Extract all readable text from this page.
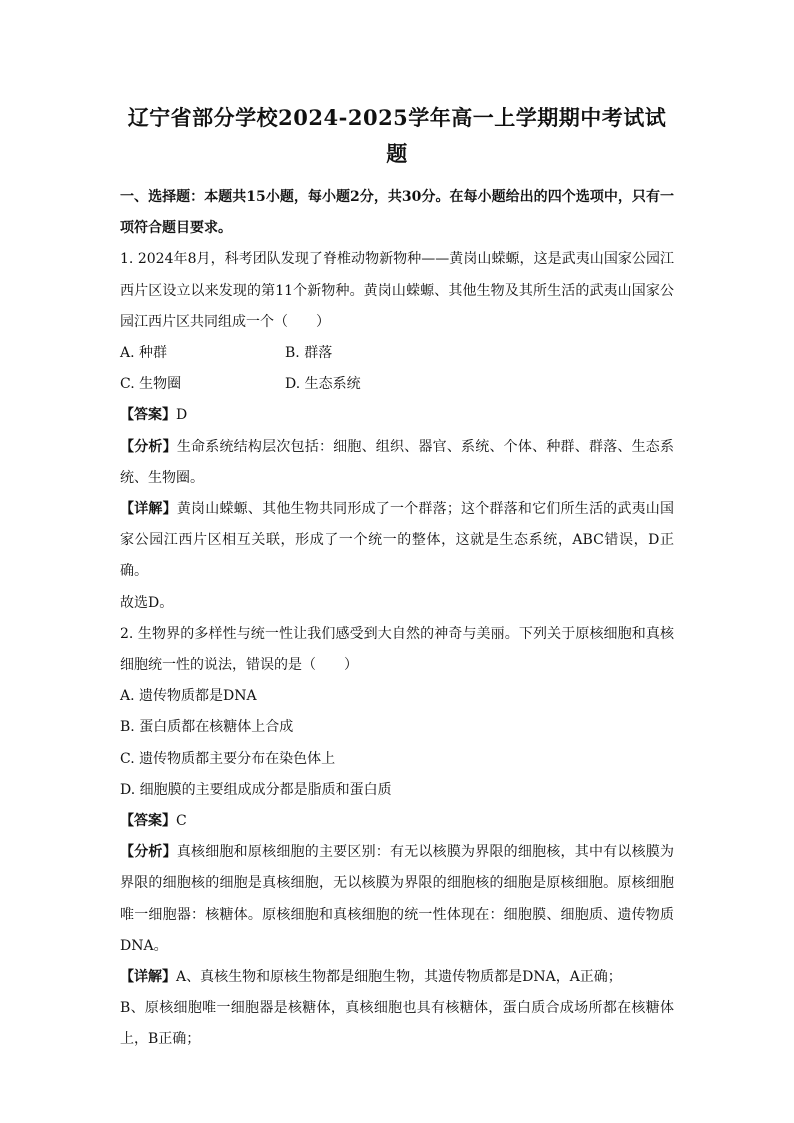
辽宁省部分学校2024-2025学年高一上学期期中考试试题

一、选择题：本题共15小题，每小题2分，共30分。在每小题给出的四个选项中，只有一项符合题目要求。

1. 2024年8月，科考团队发现了脊椎动物新物种——黄岗山蝾螈，这是武夷山国家公园江西片区设立以来发现的第11个新物种。黄岗山蝾螈、其他生物及其所生活的武夷山国家公园江西片区共同组成一个（　　）

A. 种群	B. 群落
C. 生物圈	D. 生态系统

【答案】D

【分析】生命系统结构层次包括：细胞、组织、器官、系统、个体、种群、群落、生态系统、生物圈。

【详解】黄岗山蝾螈、其他生物共同形成了一个群落；这个群落和它们所生活的武夷山国家公园江西片区相互关联，形成了一个统一的整体，这就是生态系统，ABC错误，D正确。

故选D。

2. 生物界的多样性与统一性让我们感受到大自然的神奇与美丽。下列关于原核细胞和真核细胞统一性的说法，错误的是（　　）

A. 遗传物质都是DNA

B. 蛋白质都在核糖体上合成

C. 遗传物质都主要分布在染色体上

D. 细胞膜的主要组成成分都是脂质和蛋白质

【答案】C

【分析】真核细胞和原核细胞的主要区别：有无以核膜为界限的细胞核，其中有以核膜为界限的细胞核的细胞是真核细胞，无以核膜为界限的细胞核的细胞是原核细胞。原核细胞唯一细胞器：核糖体。原核细胞和真核细胞的统一性体现在：细胞膜、细胞质、遗传物质DNA。

【详解】A、真核生物和原核生物都是细胞生物，其遗传物质都是DNA，A正确；

B、原核细胞唯一细胞器是核糖体，真核细胞也具有核糖体，蛋白质合成场所都在核糖体上，B正确；
